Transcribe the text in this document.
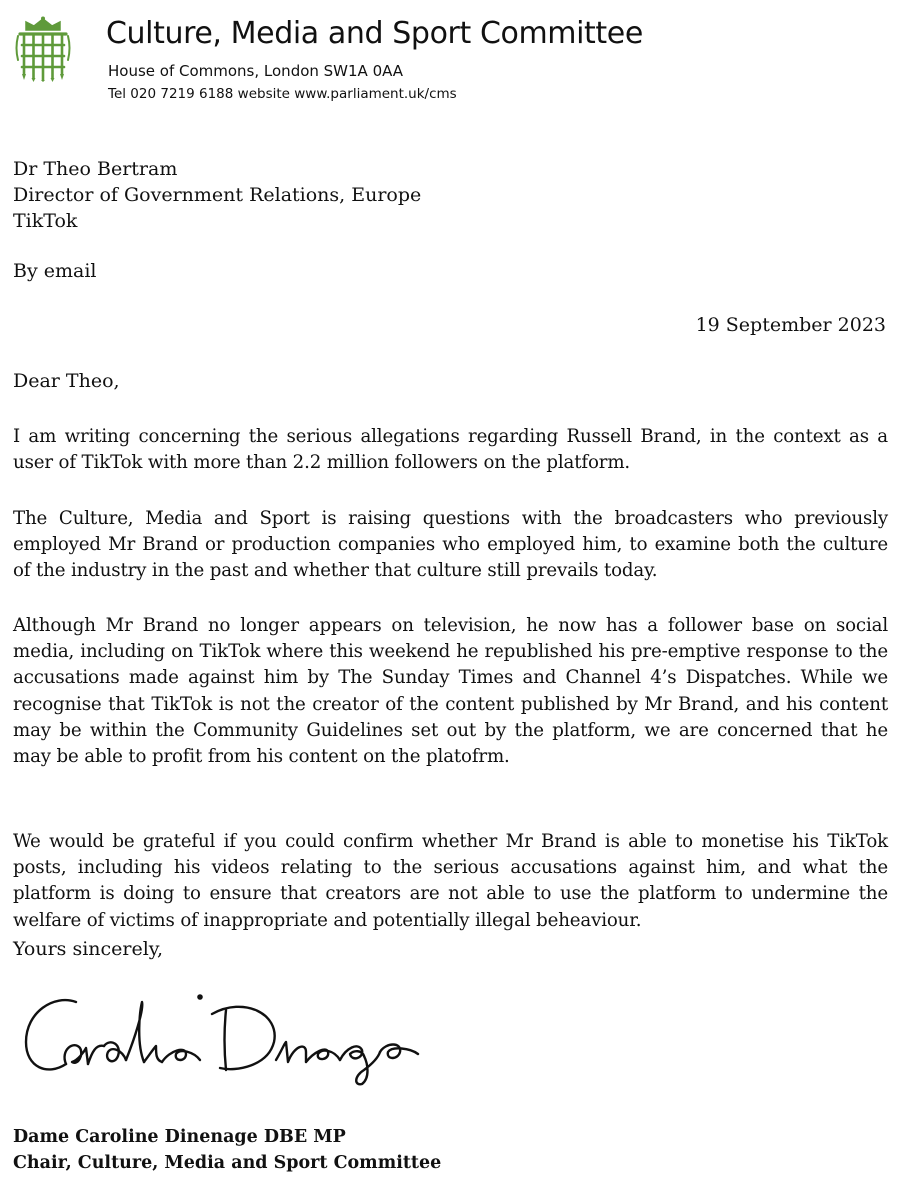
Culture, Media and Sport Committee
House of Commons, London SW1A 0AA
Tel 020 7219 6188 website www.parliament.uk/cms
Dr Theo Bertram
Director of Government Relations, Europe
TikTok
By email
19 September 2023
Dear Theo,
I am writing concerning the serious allegations regarding Russell Brand, in the context as a user of TikTok with more than 2.2 million followers on the platform.
The Culture, Media and Sport is raising questions with the broadcasters who previously employed Mr Brand or production companies who employed him, to examine both the culture of the industry in the past and whether that culture still prevails today.
Although Mr Brand no longer appears on television, he now has a follower base on social media, including on TikTok where this weekend he republished his pre-emptive response to the accusations made against him by The Sunday Times and Channel 4’s Dispatches. While we recognise that TikTok is not the creator of the content published by Mr Brand, and his content may be within the Community Guidelines set out by the platform, we are concerned that he may be able to profit from his content on the platofrm.
We would be grateful if you could confirm whether Mr Brand is able to monetise his TikTok posts, including his videos relating to the serious accusations against him, and what the platform is doing to ensure that creators are not able to use the platform to undermine the welfare of victims of inappropriate and potentially illegal beheaviour.
Yours sincerely,
Dame Caroline Dinenage DBE MP
Chair, Culture, Media and Sport Committee
